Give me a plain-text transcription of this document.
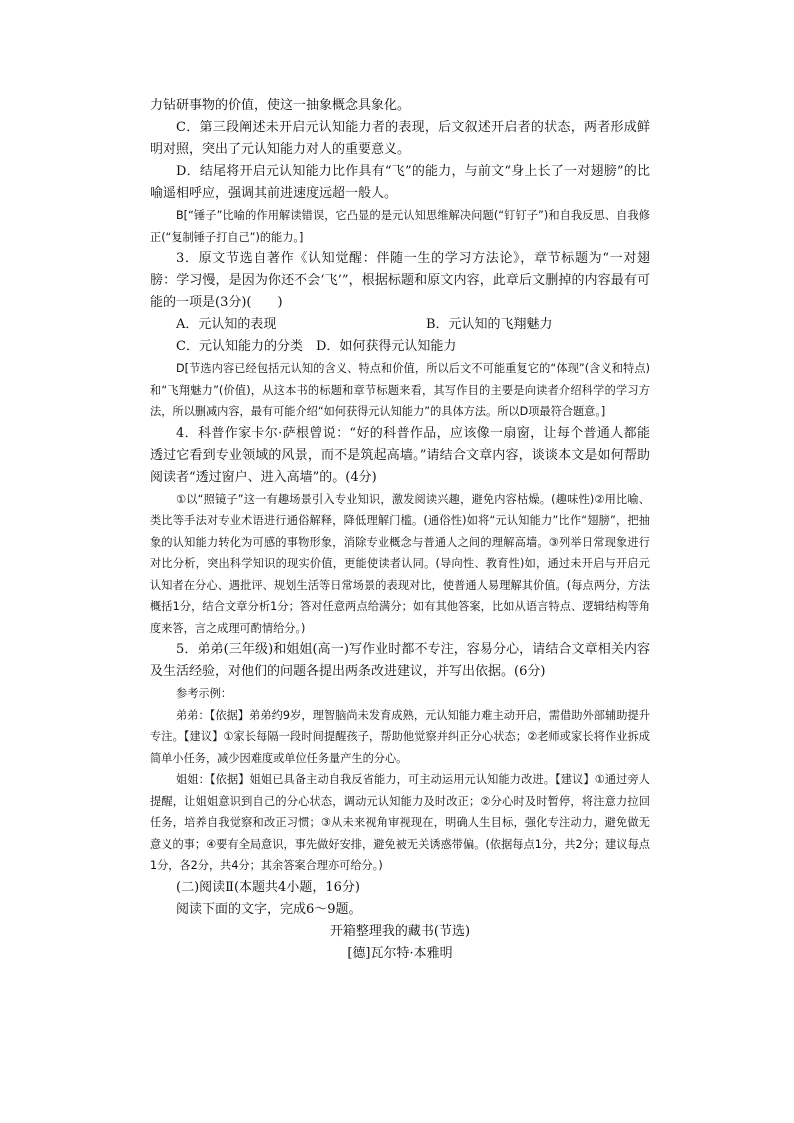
力钻研事物的价值，使这一抽象概念具象化。

C．第三段阐述未开启元认知能力者的表现，后文叙述开启者的状态，两者形成鲜明对照，突出了元认知能力对人的重要意义。

D．结尾将开启元认知能力比作具有“飞”的能力，与前文“身上长了一对翅膀”的比喻遥相呼应，强调其前进速度远超一般人。

B[“锤子”比喻的作用解读错误，它凸显的是元认知思维解决问题(“钉钉子”)和自我反思、自我修正(“复制锤子打自己”)的能力。]

3．原文节选自著作《认知觉醒：伴随一生的学习方法论》，章节标题为“一对翅膀：学习慢，是因为你还不会‘飞’”，根据标题和原文内容，此章后文删掉的内容最有可能的一项是(3分)(　　)

A．元认知的表现	B．元认知的飞翔魅力

C．元认知能力的分类　D．如何获得元认知能力

D[节选内容已经包括元认知的含义、特点和价值，所以后文不可能重复它的“体现”(含义和特点)和“飞翔魅力”(价值)，从这本书的标题和章节标题来看，其写作目的主要是向读者介绍科学的学习方法，所以删减内容，最有可能介绍“如何获得元认知能力”的具体方法。所以D项最符合题意。]

4．科普作家卡尔·萨根曾说：“好的科普作品，应该像一扇窗，让每个普通人都能透过它看到专业领域的风景，而不是筑起高墙。”请结合文章内容，谈谈本文是如何帮助阅读者“透过窗户、进入高墙”的。(4分)

①以“照镜子”这一有趣场景引入专业知识，激发阅读兴趣，避免内容枯燥。(趣味性)②用比喻、类比等手法对专业术语进行通俗解释，降低理解门槛。(通俗性)如将“元认知能力”比作“翅膀”，把抽象的认知能力转化为可感的事物形象，消除专业概念与普通人之间的理解高墙。③列举日常现象进行对比分析，突出科学知识的现实价值，更能使读者认同。(导向性、教育性)如，通过未开启与开启元认知者在分心、遇批评、规划生活等日常场景的表现对比，使普通人易理解其价值。(每点两分，方法概括1分，结合文章分析1分；答对任意两点给满分；如有其他答案，比如从语言特点、逻辑结构等角度来答，言之成理可酌情给分。)

5．弟弟(三年级)和姐姐(高一)写作业时都不专注，容易分心，请结合文章相关内容及生活经验，对他们的问题各提出两条改进建议，并写出依据。(6分)

参考示例：

弟弟：【依据】弟弟约9岁，理智脑尚未发育成熟，元认知能力难主动开启，需借助外部辅助提升专注。【建议】①家长每隔一段时间提醒孩子，帮助他觉察并纠正分心状态；②老师或家长将作业拆成简单小任务，减少因难度或单位任务量产生的分心。

姐姐：【依据】姐姐已具备主动自我反省能力，可主动运用元认知能力改进。【建议】①通过旁人提醒，让姐姐意识到自己的分心状态，调动元认知能力及时改正；②分心时及时暂停，将注意力拉回任务，培养自我觉察和改正习惯；③从未来视角审视现在，明确人生目标，强化专注动力，避免做无意义的事；④要有全局意识，事先做好安排，避免被无关诱惑带偏。(依据每点1分，共2分；建议每点1分，各2分，共4分；其余答案合理亦可给分。)

(二)阅读Ⅱ(本题共4小题，16分)

阅读下面的文字，完成6～9题。

开箱整理我的藏书(节选)

[德]瓦尔特·本雅明
